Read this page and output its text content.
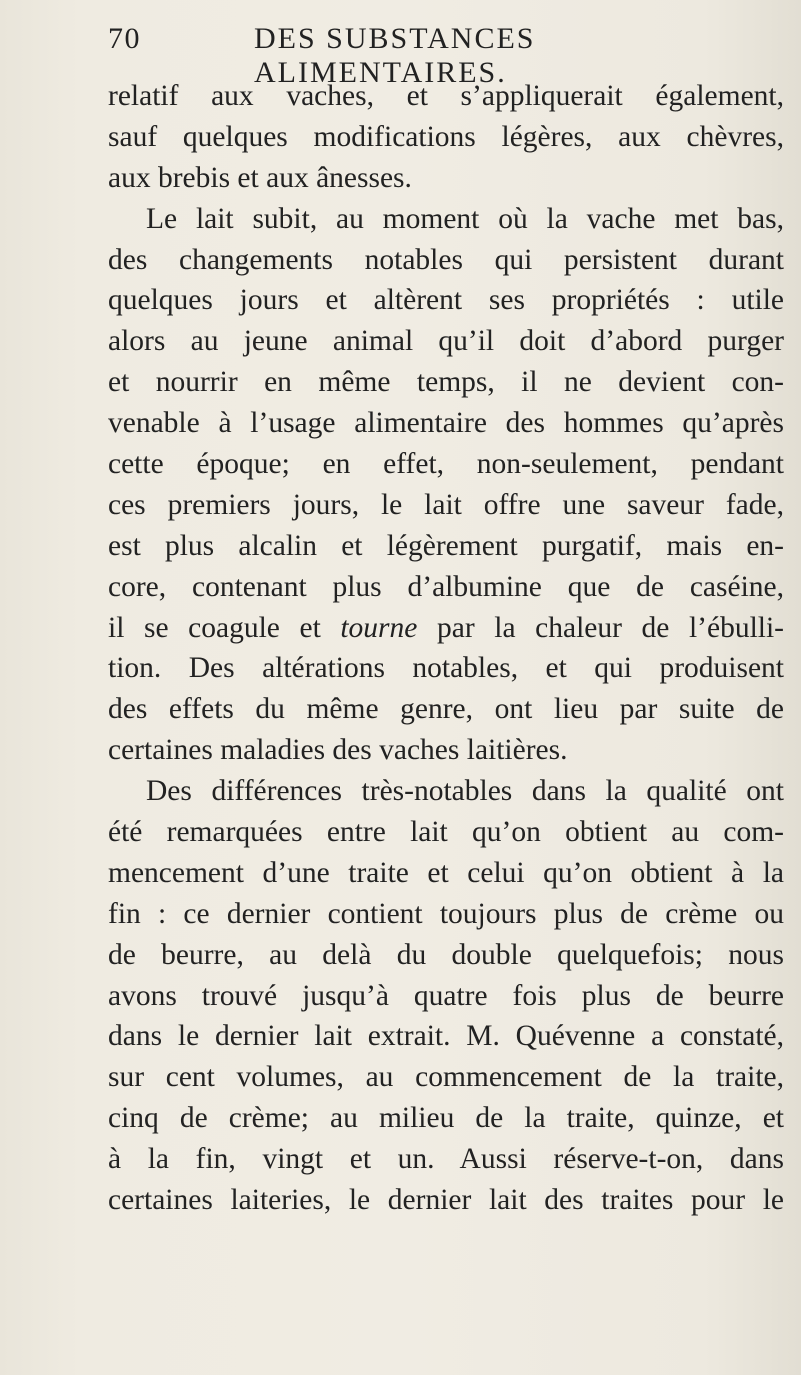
70	DES SUBSTANCES ALIMENTAIRES.
relatif aux vaches, et s’appliquerait également,
sauf quelques modifications légères, aux chèvres,
aux brebis et aux ânesses.
Le lait subit, au moment où la vache met bas,
des changements notables qui persistent durant
quelques jours et altèrent ses propriétés : utile
alors au jeune animal qu’il doit d’abord purger
et nourrir en même temps, il ne devient con-
venable à l’usage alimentaire des hommes qu’après
cette époque; en effet, non-seulement, pendant
ces premiers jours, le lait offre une saveur fade,
est plus alcalin et légèrement purgatif, mais en-
core, contenant plus d’albumine que de caséine,
il se coagule et tourne par la chaleur de l’ébulli-
tion. Des altérations notables, et qui produisent
des effets du même genre, ont lieu par suite de
certaines maladies des vaches laitières.
Des différences très-notables dans la qualité ont
été remarquées entre lait qu’on obtient au com-
mencement d’une traite et celui qu’on obtient à la
fin : ce dernier contient toujours plus de crème ou
de beurre, au delà du double quelquefois; nous
avons trouvé jusqu’à quatre fois plus de beurre
dans le dernier lait extrait. M. Quévenne a constaté,
sur cent volumes, au commencement de la traite,
cinq de crème; au milieu de la traite, quinze, et
à la fin, vingt et un. Aussi réserve-t-on, dans
certaines laiteries, le dernier lait des traites pour le
